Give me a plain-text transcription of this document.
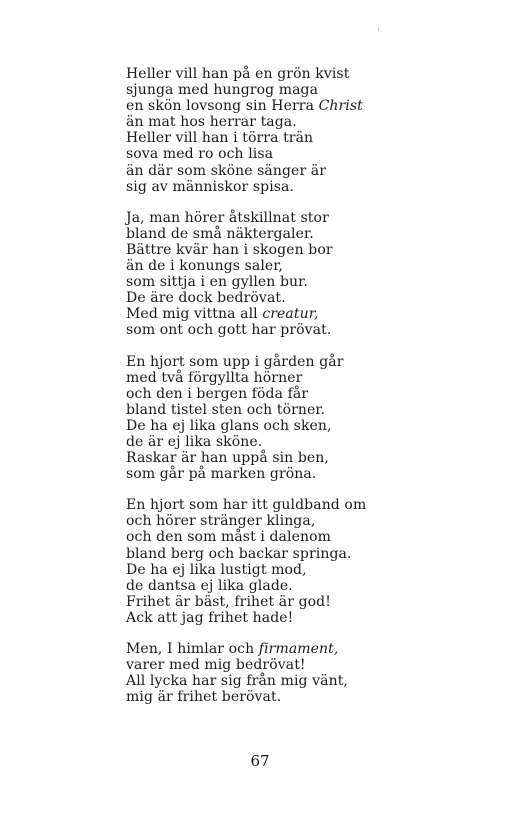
Heller vill han på en grön kvist
sjunga med hungrog maga
en skön lovsong sin Herra Christ
än mat hos herrar taga.
Heller vill han i törra trän
sova med ro och lisa
än där som sköne sänger är
sig av människor spisa.
Ja, man hörer åtskillnat stor
bland de små näktergaler.
Bättre kvär han i skogen bor
än de i konungs saler,
som sittja i en gyllen bur.
De äre dock bedrövat.
Med mig vittna all creatur,
som ont och gott har prövat.
En hjort som upp i gården går
med två förgyllta hörner
och den i bergen föda får
bland tistel sten och törner.
De ha ej lika glans och sken,
de är ej lika sköne.
Raskar är han uppå sin ben,
som går på marken gröna.
En hjort som har itt guldband om
och hörer stränger klinga,
och den som måst i dalenom
bland berg och backar springa.
De ha ej lika lustigt mod,
de dantsa ej lika glade.
Frihet är bäst, frihet är god!
Ack att jag frihet hade!
Men, I himlar och firmament,
varer med mig bedrövat!
All lycka har sig från mig vänt,
mig är frihet berövat.
67
